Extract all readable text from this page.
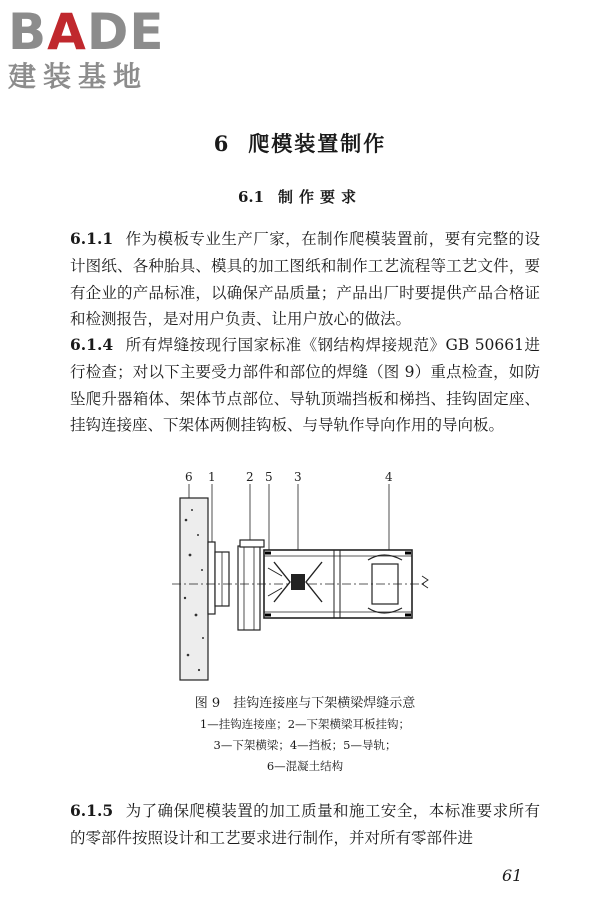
BADE
建装基地
6 爬模装置制作
6.1 制作要求
6.1.1 作为模板专业生产厂家，在制作爬模装置前，要有完整的设计图纸、各种胎具、模具的加工图纸和制作工艺流程等工艺文件，要有企业的产品标准，以确保产品质量；产品出厂时要提供产品合格证和检测报告，是对用户负责、让用户放心的做法。
6.1.4 所有焊缝按现行国家标准《钢结构焊接规范》GB 50661进行检查；对以下主要受力部件和部位的焊缝（图 9）重点检查，如防坠爬升器箱体、架体节点部位、导轨顶端挡板和梯挡、挂钩固定座、挂钩连接座、下架体两侧挂钩板、与导轨作导向作用的导向板。
6 1	2 5 3	4
图 9　挂钩连接座与下架横梁焊缝示意
1—挂钩连接座；2—下架横梁耳板挂钩；
3—下架横梁；4—挡板；5—导轨；
6—混凝土结构
6.1.5 为了确保爬模装置的加工质量和施工安全，本标准要求所有的零部件按照设计和工艺要求进行制作，并对所有零部件进
61
